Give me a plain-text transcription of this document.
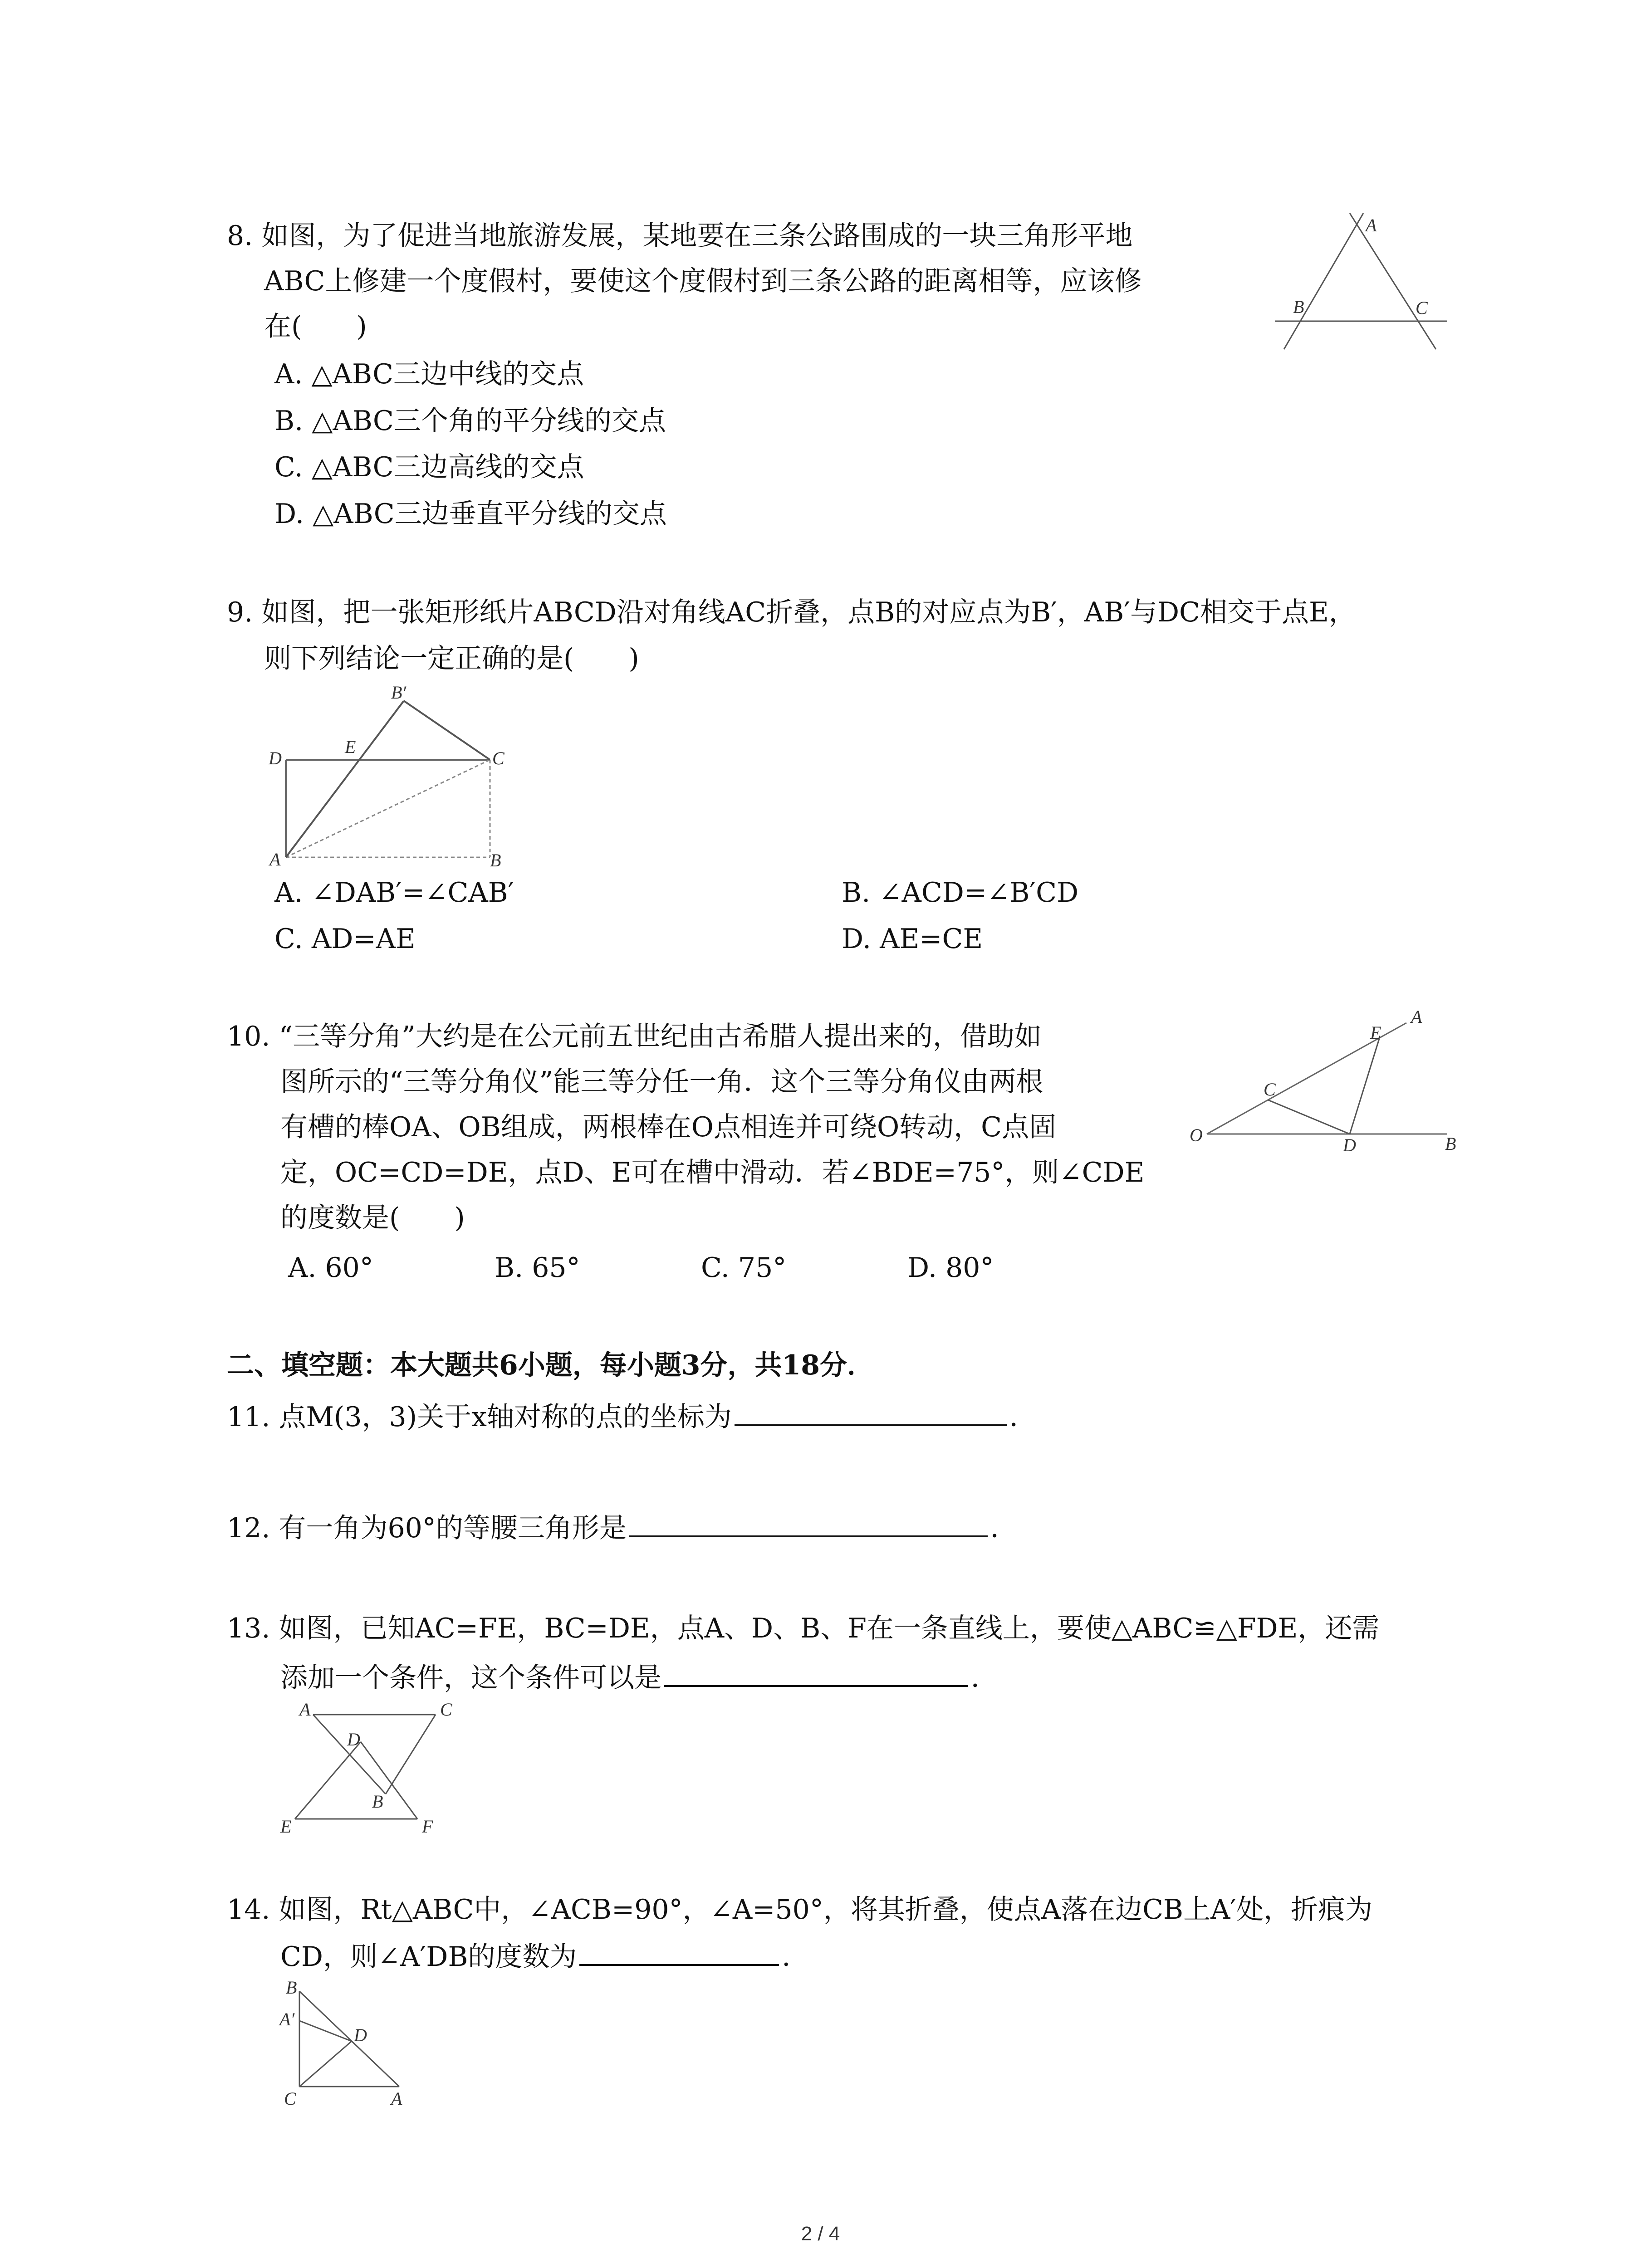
8. 如图，为了促进当地旅游发展，某地要在三条公路围成的一块三角形平地
ABC上修建一个度假村，要使这个度假村到三条公路的距离相等，应该修
在(　　)
A. △ABC三边中线的交点
B. △ABC三个角的平分线的交点
C. △ABC三边高线的交点
D. △ABC三边垂直平分线的交点
A
B	C
9. 如图，把一张矩形纸片ABCD沿对角线AC折叠，点B的对应点为B′，AB′与DC相交于点E，
则下列结论一定正确的是(　　)
B′
D
E
C
A	B
A. ∠DAB′=∠CAB′	B. ∠ACD=∠B′CD
C. AD=AE	D. AE=CE
10. “三等分角”大约是在公元前五世纪由古希腊人提出来的，借助如
图所示的“三等分角仪”能三等分任一角．这个三等分角仪由两根
有槽的棒OA、OB组成，两根棒在O点相连并可绕O转动，C点固
定，OC=CD=DE，点D、E可在槽中滑动．若∠BDE=75°，则∠CDE
的度数是(　　)
A. 60°	B. 65°	C. 75°	D. 80°
O
A
B
C
D
E
二、填空题：本大题共6小题，每小题3分，共18分．
11. 点M(3，3)关于x轴对称的点的坐标为	．
12. 有一角为60°的等腰三角形是	．
13. 如图，已知AC=FE，BC=DE，点A、D、B、F在一条直线上，要使△ABC≌△FDE，还需
添加一个条件，这个条件可以是	．
A	C
D
B
E	F
14. 如图，Rt△ABC中，∠ACB=90°，∠A=50°，将其折叠，使点A落在边CB上A′处，折痕为
CD，则∠A′DB的度数为	．
B
A′
D
C	A
2 / 4
